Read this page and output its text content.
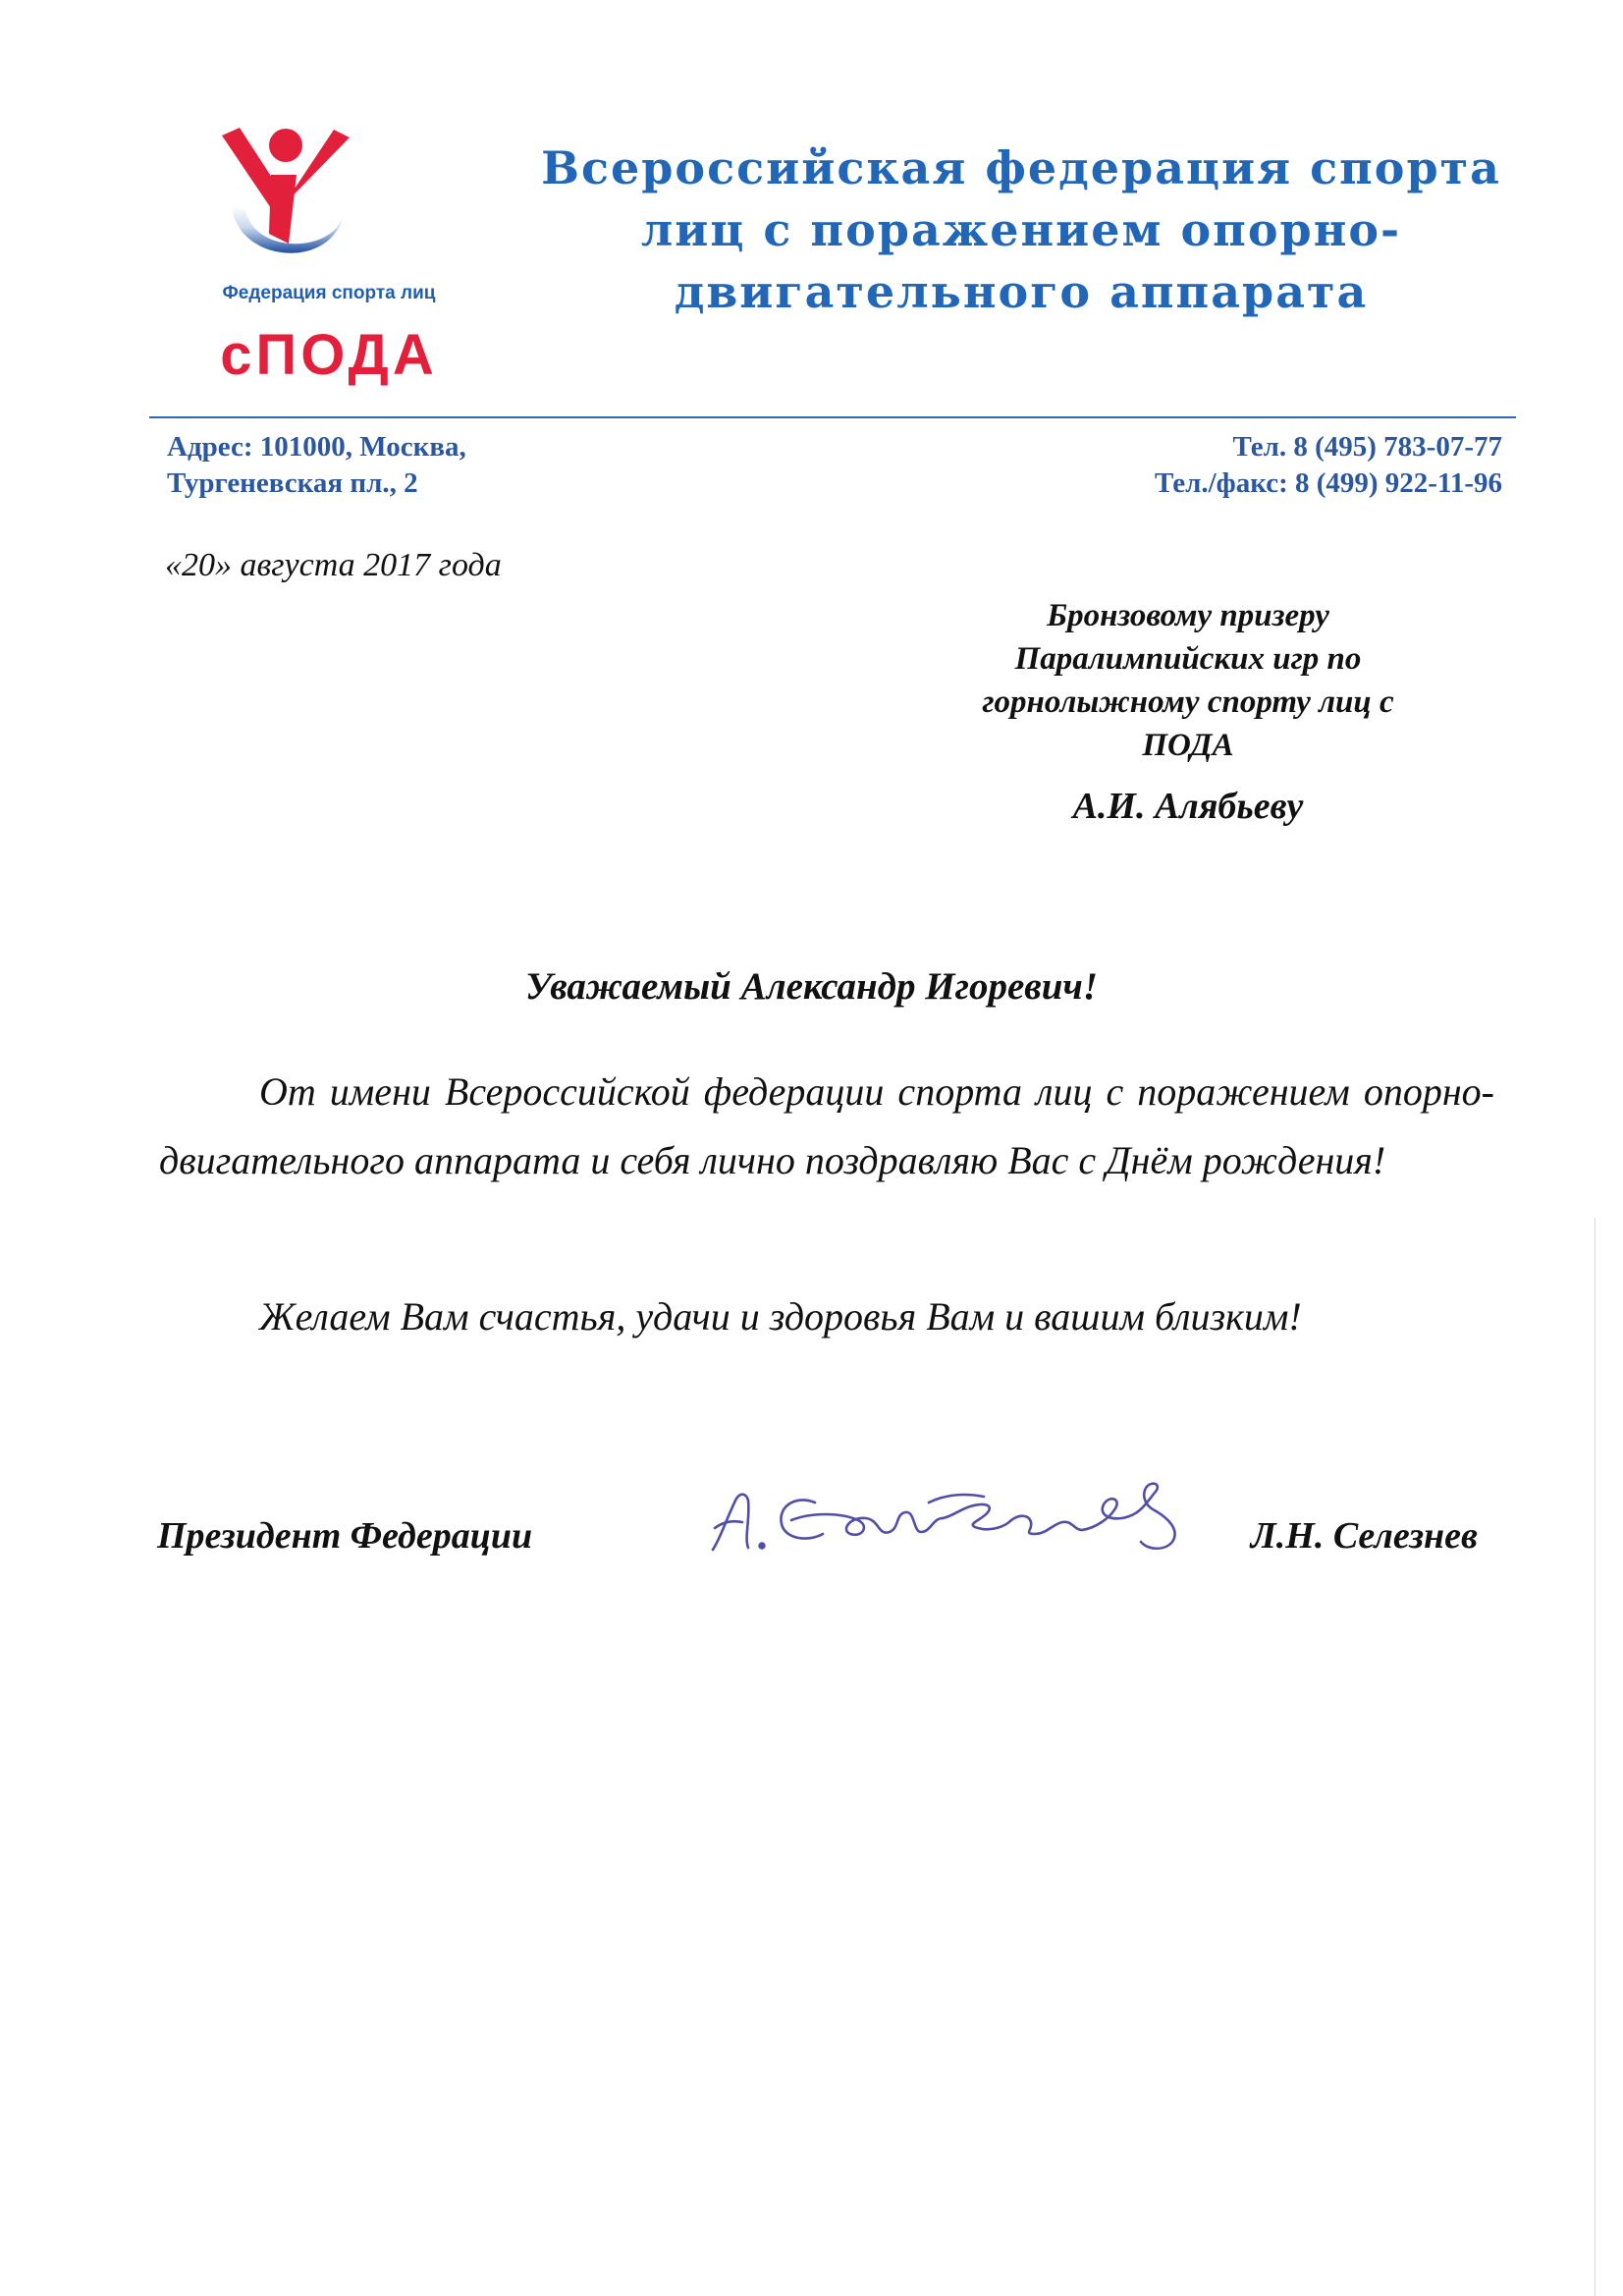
Федерация спорта лиц
сПОДА
Всероссийская федерация спорта
лиц с поражением опорно-
двигательного аппарата
Адрес: 101000, Москва,
Тургеневская пл., 2
Тел. 8 (495) 783-07-77
Тел./факс: 8 (499) 922-11-96
«20» августа 2017 года
Бронзовому призеру
Паралимпийских игр по
горнолыжному спорту лиц с
ПОДА
А.И. Алябьеву
Уважаемый Александр Игоревич!

От имени Всероссийской федерации спорта лиц с поражением опорно-двигательного аппарата и себя лично поздравляю Вас с Днём рождения!

Желаем Вам счастья, удачи и здоровья Вам и вашим близким!

Президент Федерации	Л.Н. Селезнев
